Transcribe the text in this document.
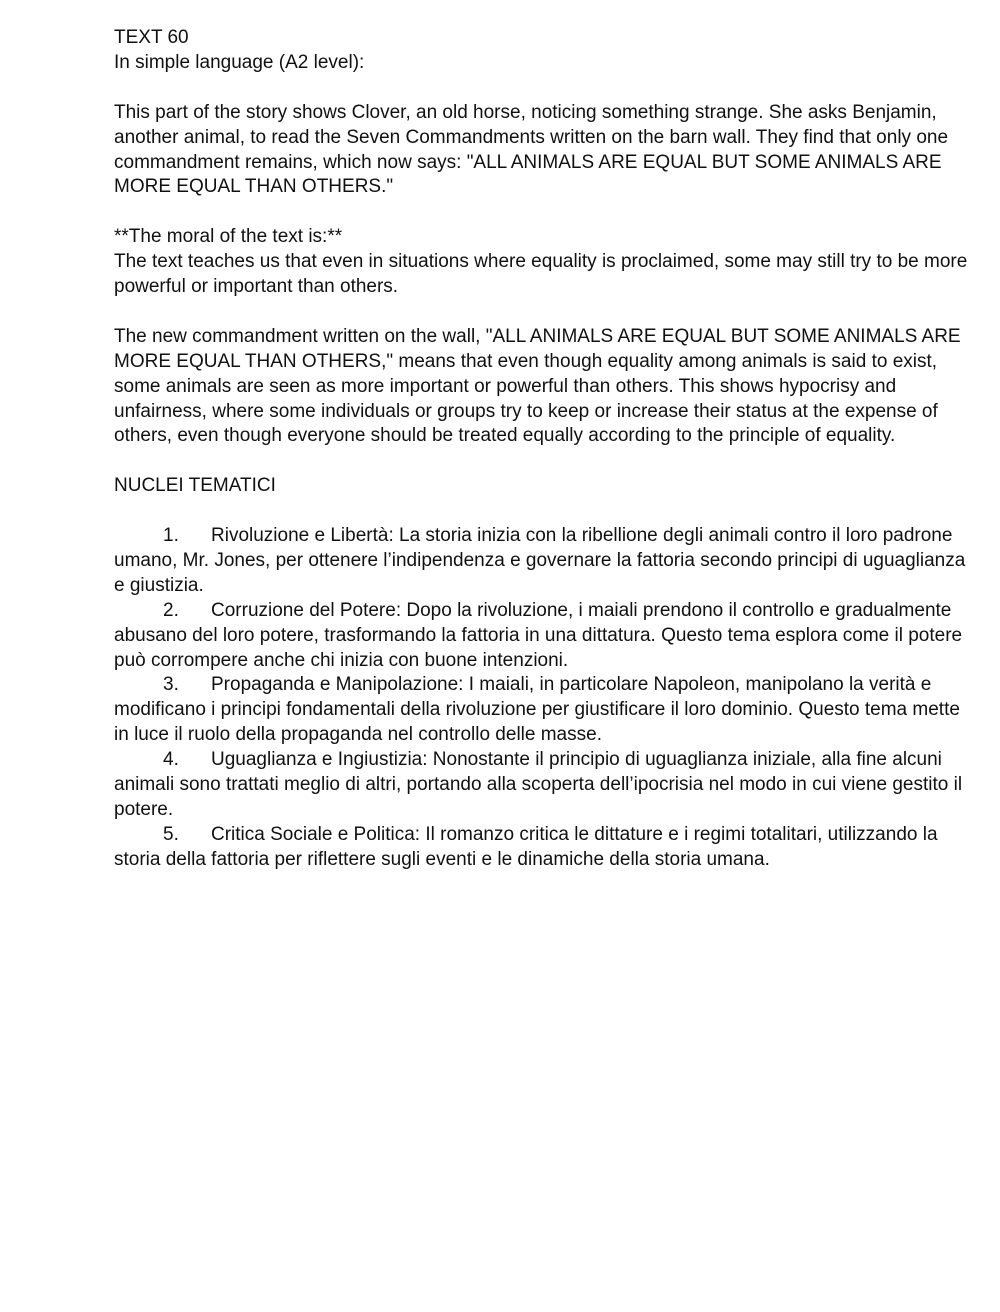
TEXT 60

In simple language (A2 level):

This part of the story shows Clover, an old horse, noticing something strange. She asks Benjamin, another animal, to read the Seven Commandments written on the barn wall. They find that only one commandment remains, which now says: "ALL ANIMALS ARE EQUAL BUT SOME ANIMALS ARE MORE EQUAL THAN OTHERS."

**The moral of the text is:**

The text teaches us that even in situations where equality is proclaimed, some may still try to be more powerful or important than others.

The new commandment written on the wall, "ALL ANIMALS ARE EQUAL BUT SOME ANIMALS ARE MORE EQUAL THAN OTHERS," means that even though equality among animals is said to exist, some animals are seen as more important or powerful than others. This shows hypocrisy and unfairness, where some individuals or groups try to keep or increase their status at the expense of others, even though everyone should be treated equally according to the principle of equality.

NUCLEI TEMATICI

1. Rivoluzione e Libertà: La storia inizia con la ribellione degli animali contro il loro padrone umano, Mr. Jones, per ottenere l’indipendenza e governare la fattoria secondo principi di uguaglianza e giustizia.

2. Corruzione del Potere: Dopo la rivoluzione, i maiali prendono il controllo e gradualmente abusano del loro potere, trasformando la fattoria in una dittatura. Questo tema esplora come il potere può corrompere anche chi inizia con buone intenzioni.

3. Propaganda e Manipolazione: I maiali, in particolare Napoleon, manipolano la verità e modificano i principi fondamentali della rivoluzione per giustificare il loro dominio. Questo tema mette in luce il ruolo della propaganda nel controllo delle masse.

4. Uguaglianza e Ingiustizia: Nonostante il principio di uguaglianza iniziale, alla fine alcuni animali sono trattati meglio di altri, portando alla scoperta dell’ipocrisia nel modo in cui viene gestito il potere.

5. Critica Sociale e Politica: Il romanzo critica le dittature e i regimi totalitari, utilizzando la storia della fattoria per riflettere sugli eventi e le dinamiche della storia umana.
